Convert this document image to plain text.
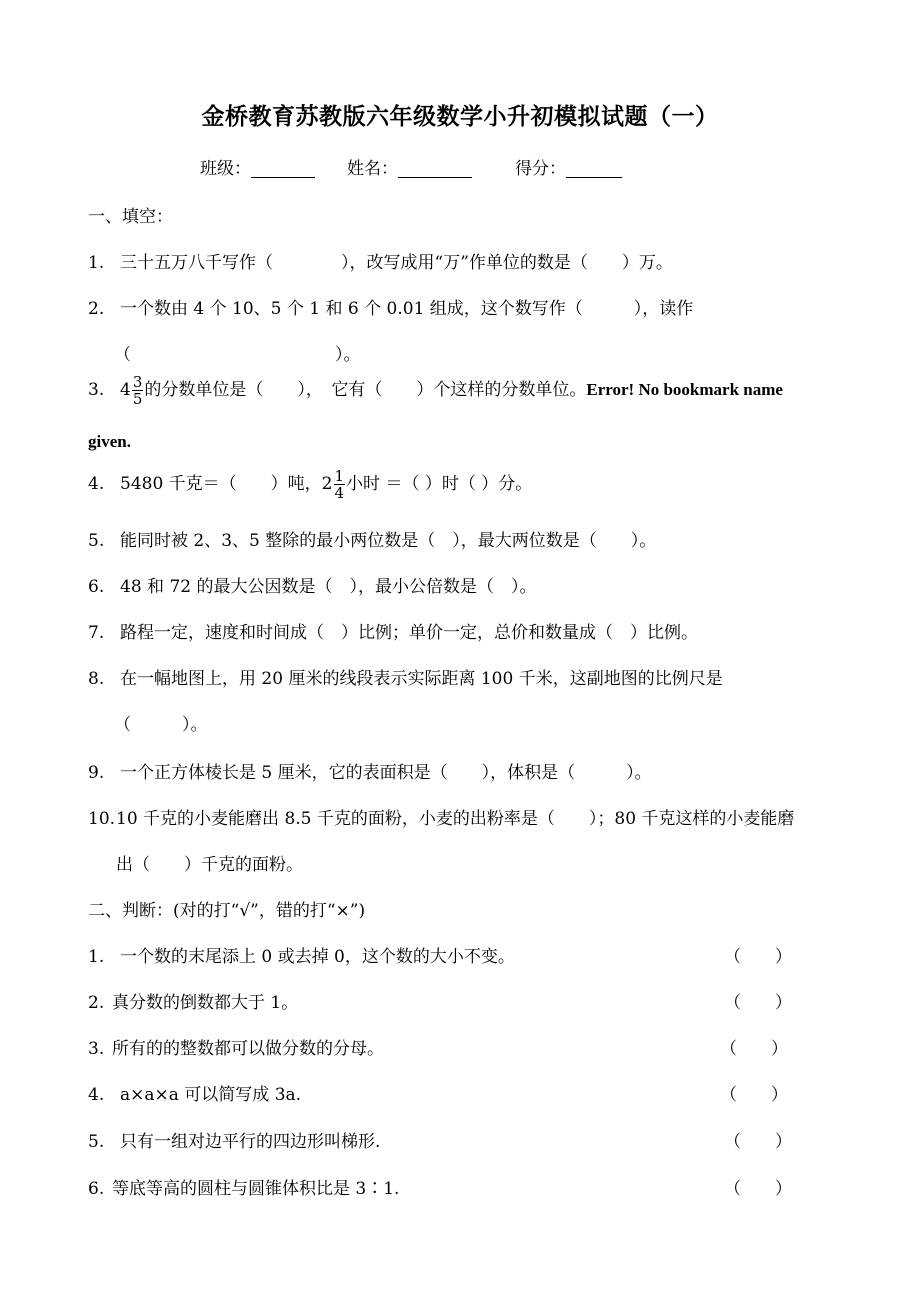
金桥教育苏教版六年级数学小升初模拟试题（一）
班级：	姓名：	得分：
一、填空：
1. 三十五万八千写作（　　　　），改写成用“万”作单位的数是（　　）万。
2. 一个数由 4 个 10、5 个 1 和 6 个 0.01 组成，这个数写作（　　　），读作
（　　　　　　　　　　　　）。
3. $4 \frac{3}{5}$ 的分数单位是（　　），　它有（　　）个这样的分数单位。Error! No bookmark name
given.
4. 5480 千克＝（　　）吨，$2 \frac{1}{4}$ 小时 ＝（ ）时（ ）分。
5. 能同时被 2、3、5 整除的最小两位数是（　），最大两位数是（　　）。
6. 48 和 72 的最大公因数是（　），最小公倍数是（　）。
7. 路程一定，速度和时间成（　）比例；单价一定，总价和数量成（　）比例。
8. 在一幅地图上，用 20 厘米的线段表示实际距离 100 千米，这副地图的比例尺是
（　　　）。
9. 一个正方体棱长是 5 厘米，它的表面积是（　　），体积是（　　　）。
10.10 千克的小麦能磨出 8.5 千克的面粉，小麦的出粉率是（　　）；80 千克这样的小麦能磨
出（　　）千克的面粉。
二、判断：(对的打“√”，错的打“×”)
1. 一个数的末尾添上 0 或去掉 0，这个数的大小不变。	（　　）
2. 真分数的倒数都大于 1。	（　　）
3. 所有的的整数都可以做分数的分母。	（　　）
4. a×a×a 可以简写成 3a.	（　　）
5. 只有一组对边平行的四边形叫梯形.	（　　）
6. 等底等高的圆柱与圆锥体积比是 3∶1.	（　　）
